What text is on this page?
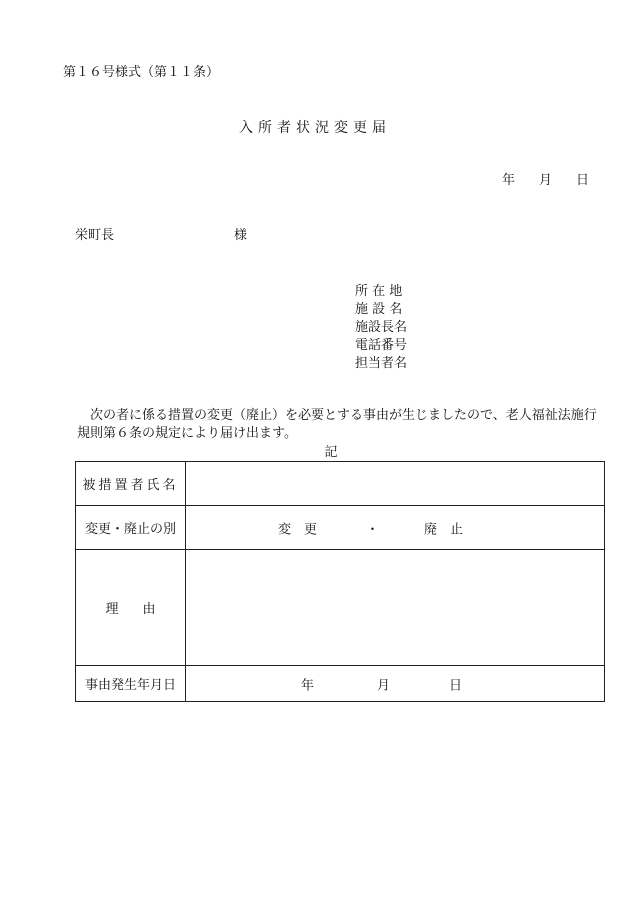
第１６号様式（第１１条）
入所者状況変更届
年 月 日
栄町長	様
所 在 地
施 設 名
施設長名
電話番号
担当者名
次の者に係る措置の変更（廃止）を必要とする事由が生じましたので、老人福祉法施行規則第６条の規定により届け出ます。
記
被措置者氏名	
変更・廃止の別	変　更 ・ 廃　止

理 由	
事由発生年月日	年 月 日
